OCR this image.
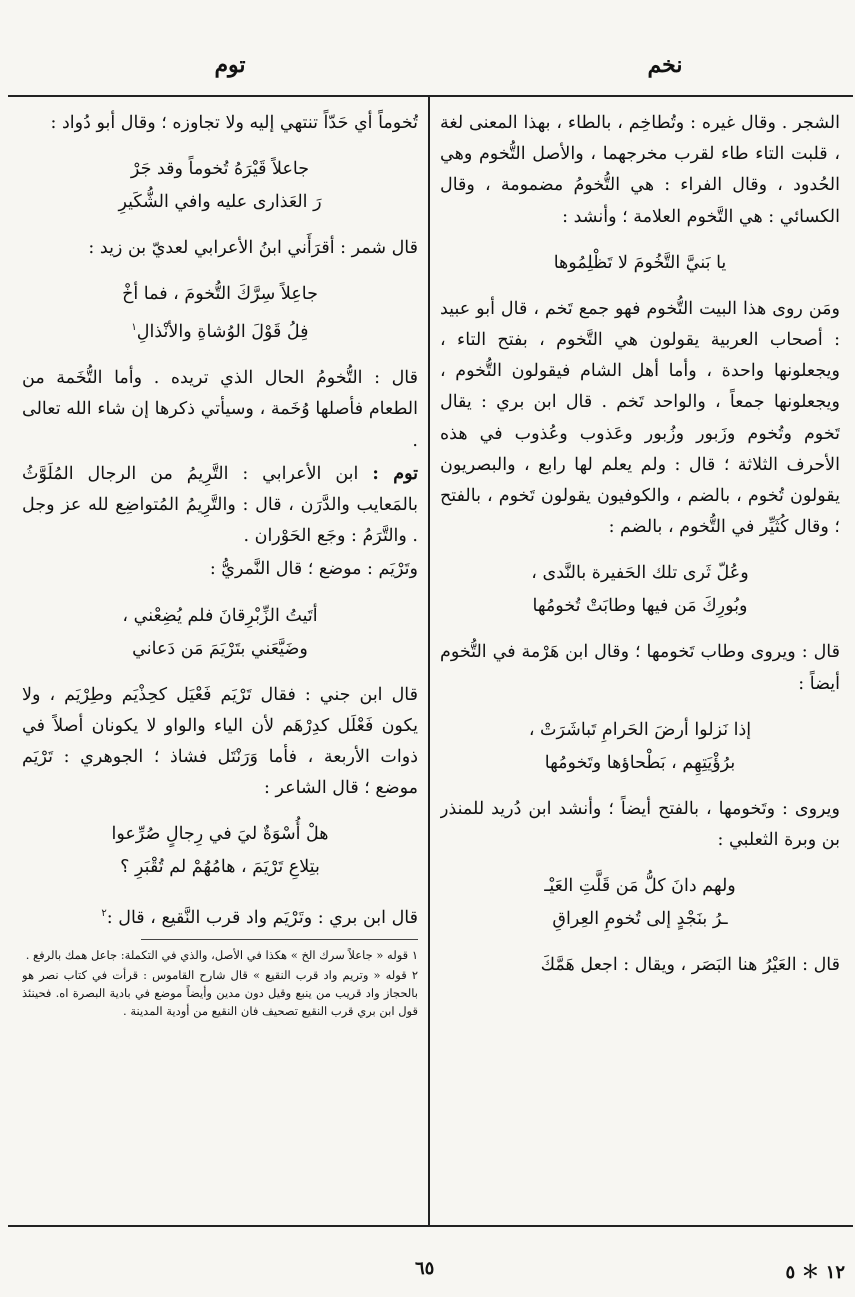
نخم
توم

الشجر . وقال غيره : وتُطاخِم ، بالطاء ، بهذا المعنى لغة ، قلبت التاء طاء لقرب مخرجهما ، والأصل التُّخوم وهي الحُدود ، وقال الفراء : هي التُّخومُ مضمومة ، وقال الكسائي : هي التَّخوم العلامة ؛ وأنشد :

يا بَنيَّ التَّخُومَ لا تَظْلِمُوها

ومَن روى هذا البيت التُّخوم فهو جمع تَخم ، قال أبو عبيد : أصحاب العربية يقولون هي التَّخوم ، بفتح التاء ، ويجعلونها واحدة ، وأما أهل الشام فيقولون التُّخوم ، ويجعلونها جمعاً ، والواحد تَخم . قال ابن بري : يقال تَخوم وتُخوم وزَبور وزُبور وعَذوب وعُذوب في هذه الأحرف الثلاثة ؛ قال : ولم يعلم لها رابع ، والبصريون يقولون تُخوم ، بالضم ، والكوفيون يقولون تَخوم ، بالفتح ؛ وقال كُثَيِّر في التُّخوم ، بالضم :

وعُلّ ثَرى تلك الحَفيرة بالنَّدى ،
وبُورِكَ مَن فيها وطابَتْ تُخومُها

قال : ويروى وطاب تَخومها ؛ وقال ابن هَرْمة في التُّخوم أيضاً :

إذا نَزلوا أرضَ الحَرامِ تَباشَرَتْ ،
برُؤْيَتِهِم ، بَطْحاؤها وتَخومُها

ويروى : وتَخومها ، بالفتح أيضاً ؛ وأنشد ابن دُريد للمنذر بن وبرة الثعلبي :

ولهم دانَ كلُّ مَن قَلَّتِ العَيْـ
ـرُ بنَجْدٍ إلى تُخومِ العِراقِ

قال : العَيْرُ هنا البَصَر ، ويقال : اجعل هَمَّكَ

تُخوماً أي حَدّاً تنتهي إليه ولا تجاوزه ؛ وقال أبو دُواد :

جاعلاً قَيْرَهُ تُخوماً وقد جَرْ
رَ العَذارى عليه وافي الشُّكَيرِ

قال شمر : أقرَأَني ابنُ الأعرابي لعديّ بن زيد :

جاعِلاً سِرَّكَ التُّخومَ ، فما أخْ
فِلُ قَوْلَ الوُشاةِ والأنْذالِ$^١$

قال : التُّخومُ الحال الذي تريده . وأما التُّخَمة من الطعام فأصلها وُخَمة ، وسيأتي ذكرها إن شاء الله تعالى .

توم : ابن الأعرابي : التَّرِيمُ من الرجال المُلَوَّثُ بالمَعايب والدَّرَن ، قال : والتَّرِيمُ المُتواضِع لله عز وجل . والتَّرَمُ : وجَع الحَوْران .

وتَرْيَم : موضع ؛ قال النَّمريُّ :

أتَيتُ الزِّبْرِقانَ فلم يُضِعْني ،
وضَيَّعَني بتَرْيَمَ مَن دَعاني

قال ابن جني : فقال تَرْيَم فَعْيَل كحِذْيَم وطِرْيَم ، ولا يكون فَعْلَل كدِرْهَم لأن الياء والواو لا يكونان أصلاً في ذوات الأربعة ، فأما وَرَنْتَل فشاذ ؛ الجوهري : تَرْيَم موضع ؛ قال الشاعر :

هلْ أُسْوَةٌ ليَ في رِجالٍ صُرِّعوا
بتِلاعِ تَرْيَمَ ، هامُهُمْ لم تُقْبَرِ ؟

قال ابن بري : وتَرْيَم واد قرب النَّقيع ، قال :$^٢$

١ قوله « جاعلاً سرك الخ » هكذا في الأصل، والذي في التكملة: جاعل همك بالرفع .

٢ قوله « وتريم واد قرب النقيع » قال شارح القاموس : قرأت في كتاب نصر هو بالحجاز واد قريب من ينبع وقيل دون مدين وأيضاً موضع في بادية البصرة اه. فحينئذ قول ابن بري قرب النقيع تصحيف فان النقيع من أودية المدينة .

٦٥	١٢ ＊ ٥
